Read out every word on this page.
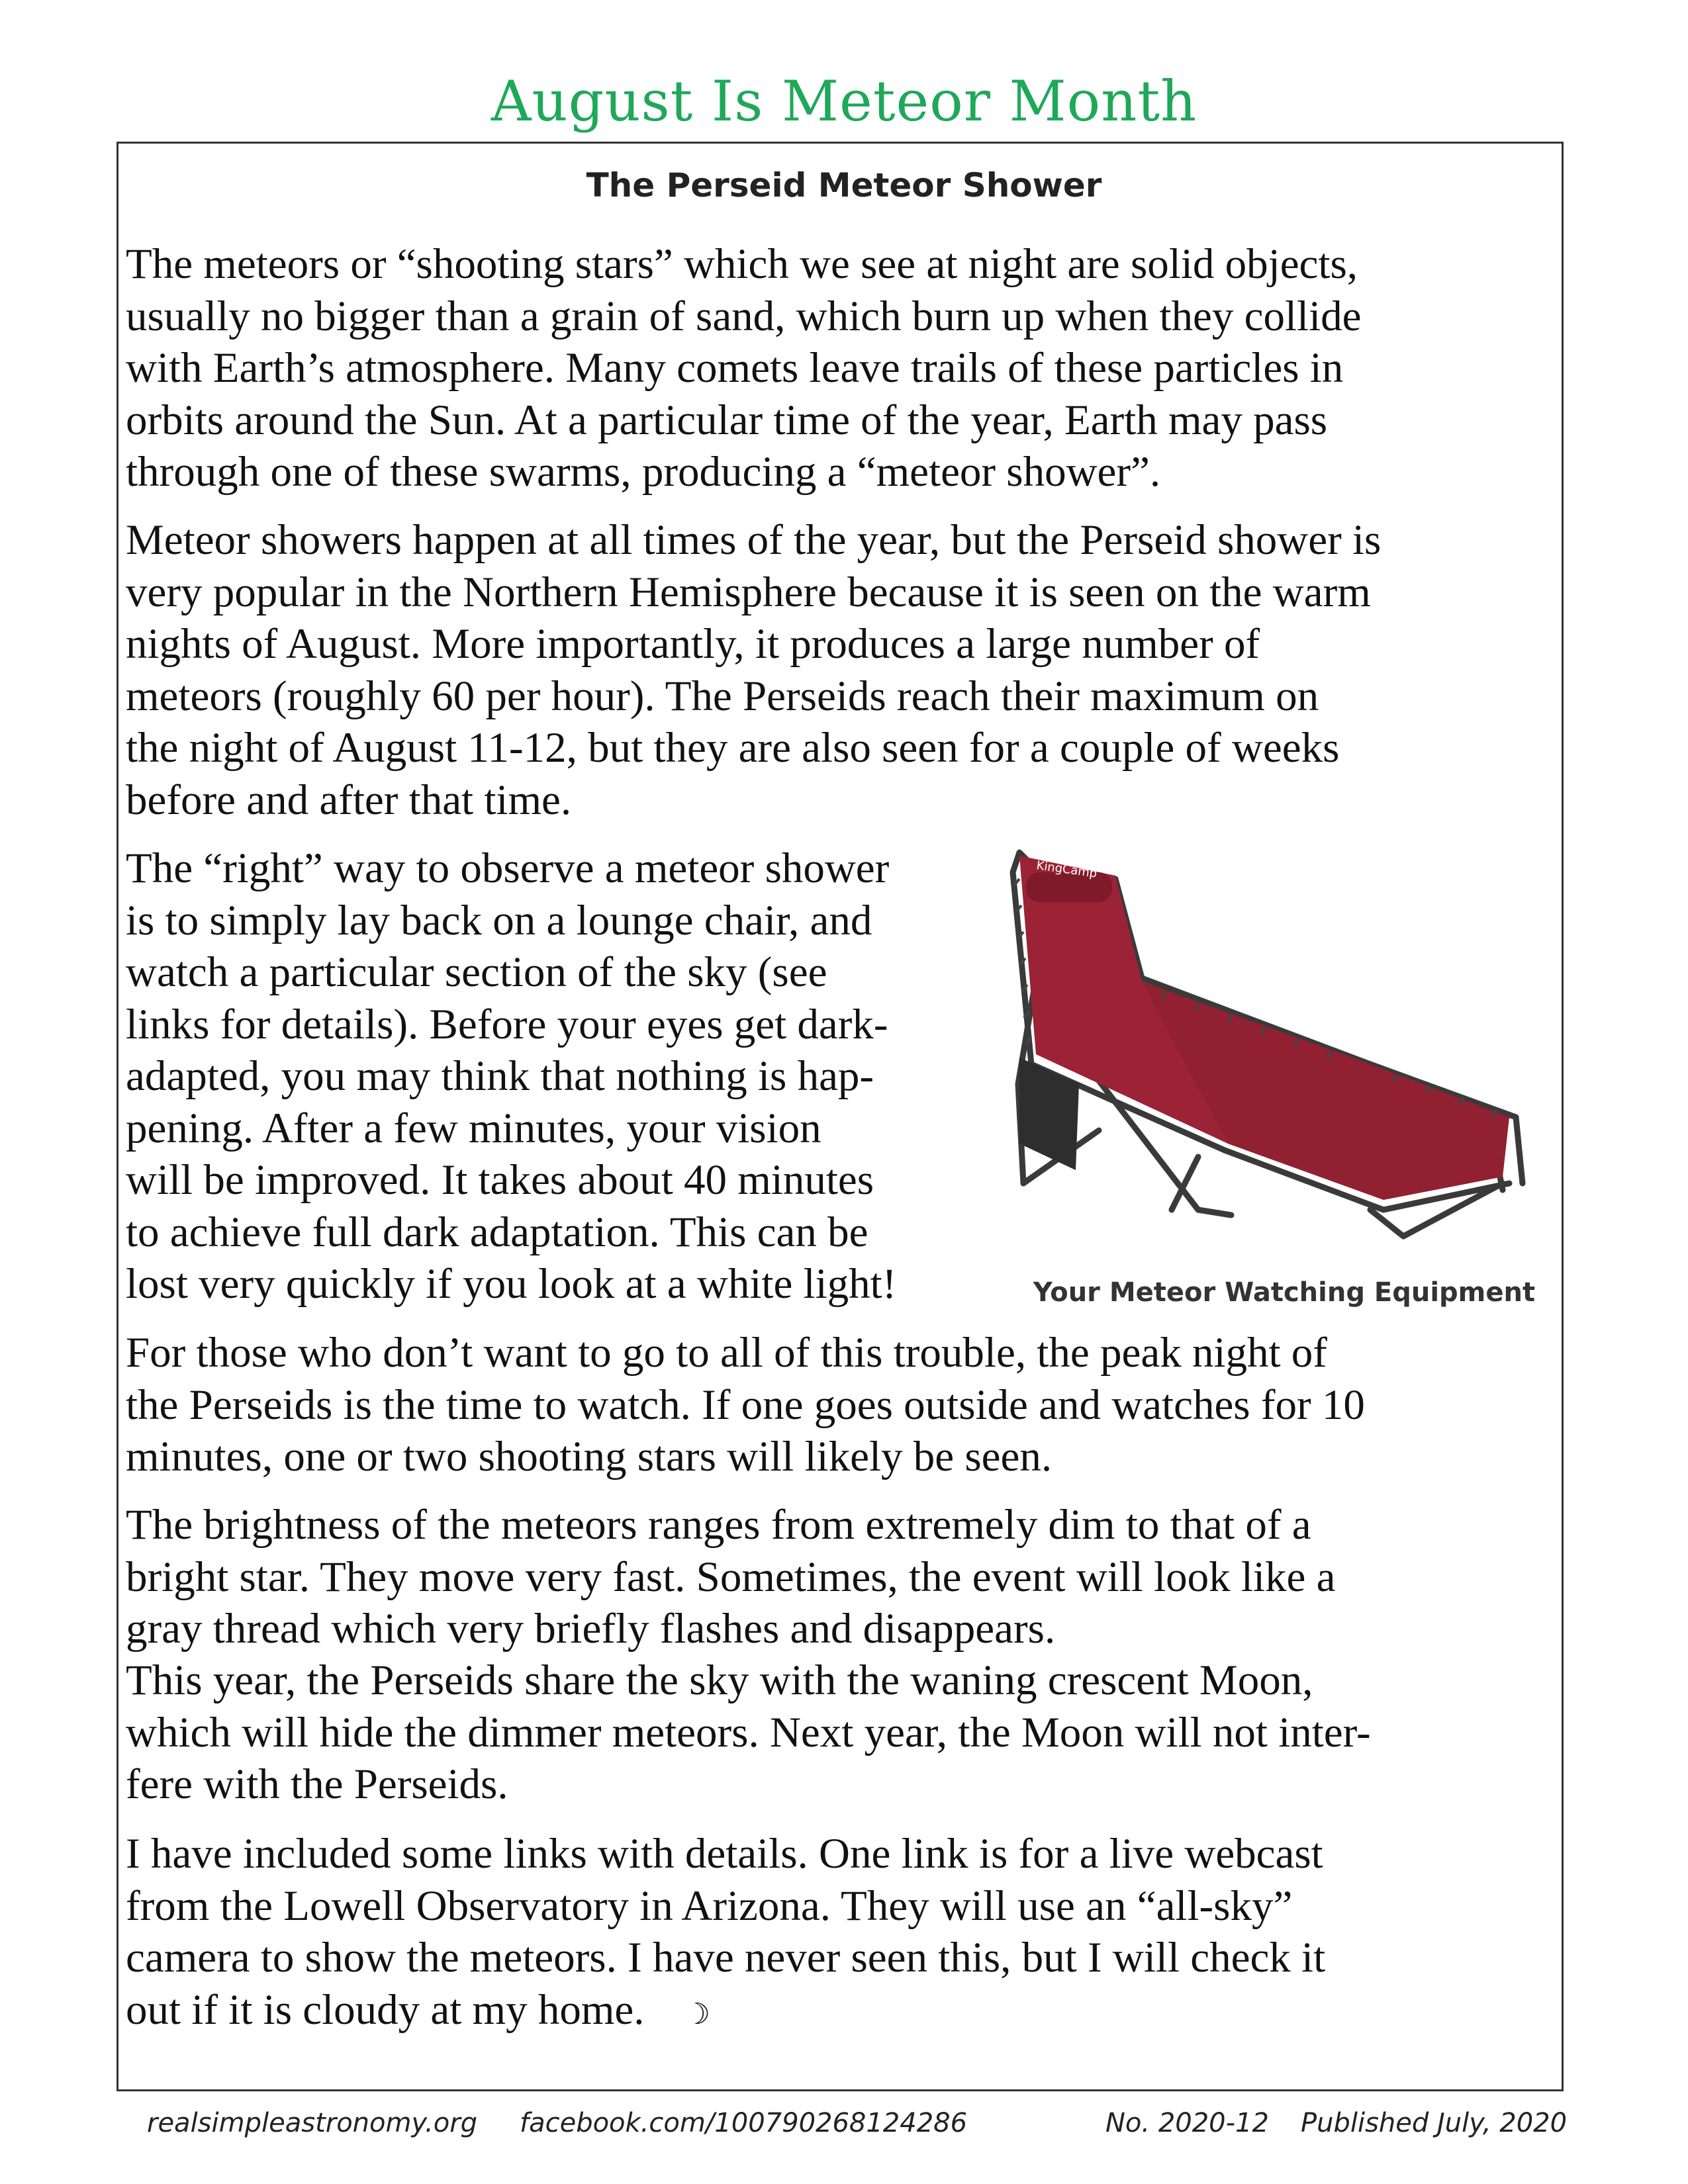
August Is Meteor Month
The Perseid Meteor Shower

The meteors or “shooting stars” which we see at night are solid objects,
usually no bigger than a grain of sand, which burn up when they collide
with Earth’s atmosphere. Many comets leave trails of these particles in
orbits around the Sun. At a particular time of the year, Earth may pass
through one of these swarms, producing a “meteor shower”.

Meteor showers happen at all times of the year, but the Perseid shower is
very popular in the Northern Hemisphere because it is seen on the warm
nights of August. More importantly, it produces a large number of
meteors (roughly 60 per hour). The Perseids reach their maximum on
the night of August 11-12, but they are also seen for a couple of weeks
before and after that time.

The “right” way to observe a meteor shower
is to simply lay back on a lounge chair, and
watch a particular section of the sky (see
links for details). Before your eyes get dark-
adapted, you may think that nothing is hap-
pening. After a few minutes, your vision
will be improved. It takes about 40 minutes
to achieve full dark adaptation. This can be
lost very quickly if you look at a white light!

KingCamp

Your Meteor Watching Equipment

For those who don’t want to go to all of this trouble, the peak night of
the Perseids is the time to watch. If one goes outside and watches for 10
minutes, one or two shooting stars will likely be seen.

The brightness of the meteors ranges from extremely dim to that of a
bright star. They move very fast. Sometimes, the event will look like a
gray thread which very briefly flashes and disappears.

This year, the Perseids share the sky with the waning crescent Moon,
which will hide the dimmer meteors. Next year, the Moon will not inter-
fere with the Perseids.

I have included some links with details. One link is for a live webcast
from the Lowell Observatory in Arizona. They will use an “all-sky”
camera to show the meteors. I have never seen this, but I will check it
out if it is cloudy at my home. ☽

realsimpleastronomy.org facebook.com/100790268124286	No. 2020-12 Published July, 2020
